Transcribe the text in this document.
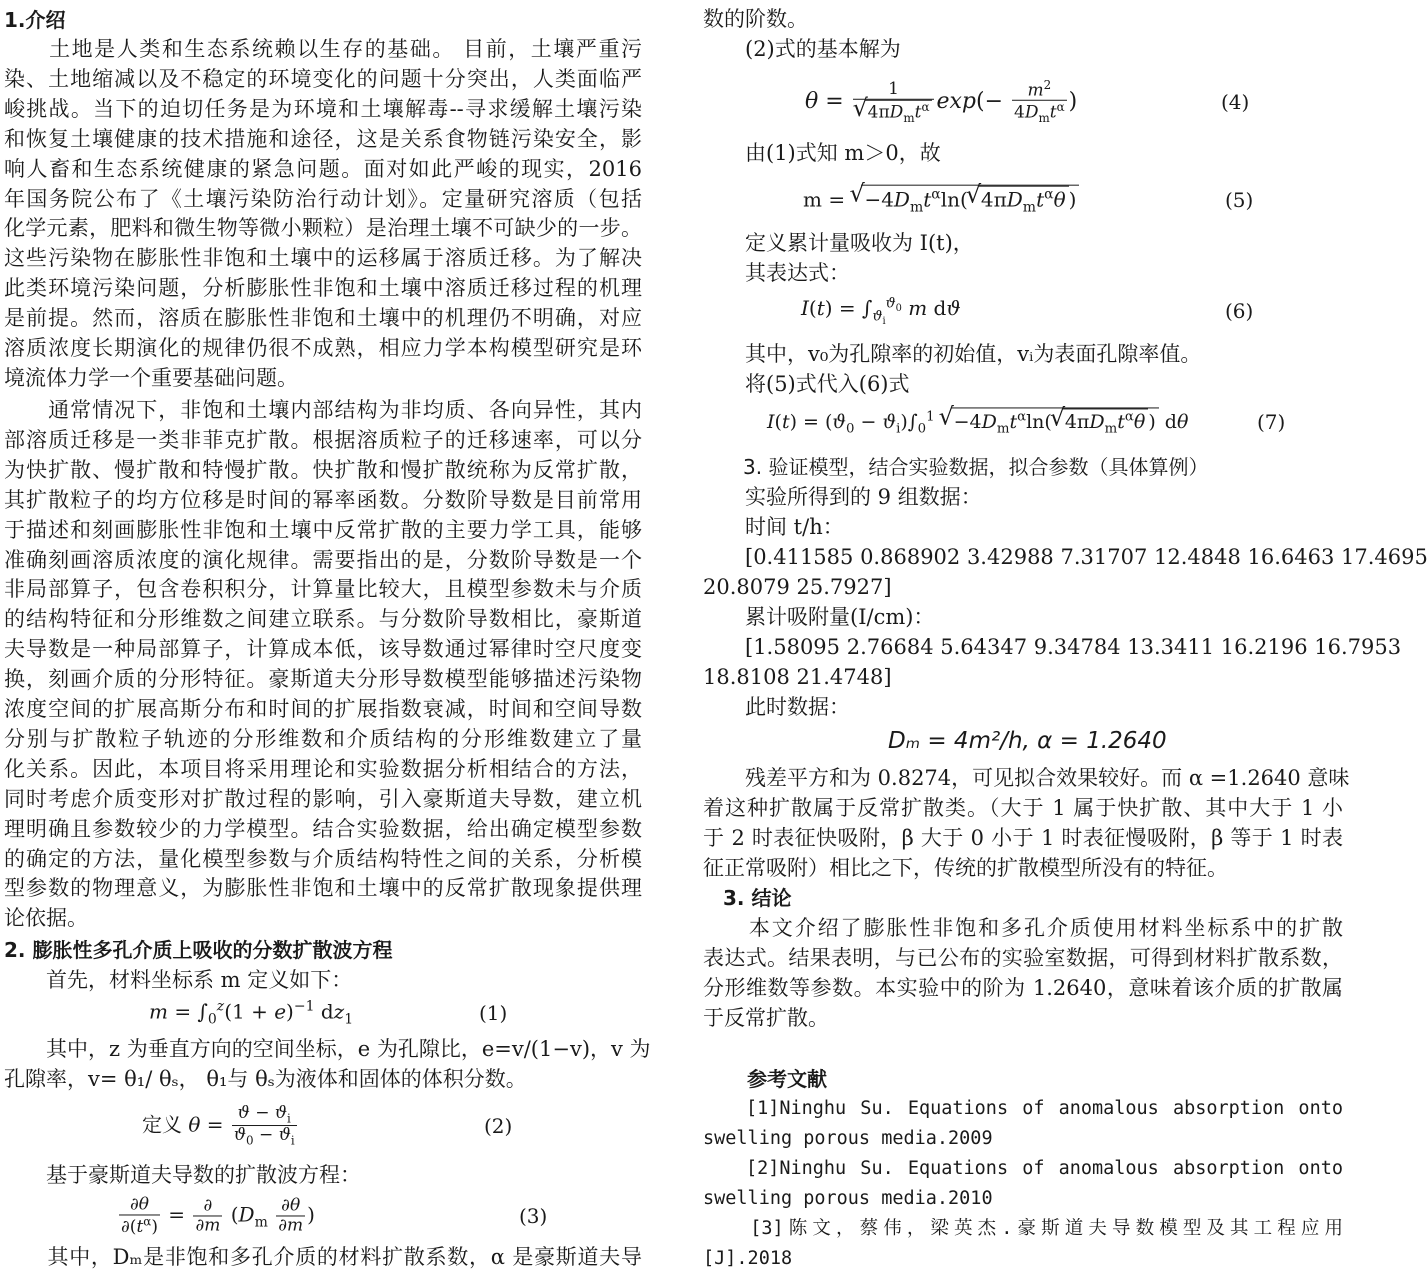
1.介绍
　　土地是人类和生态系统赖以生存的基础。 目前，土壤严重污
染、土地缩减以及不稳定的环境变化的问题十分突出，人类面临严
峻挑战。当下的迫切任务是为环境和土壤解毒--寻求缓解土壤污染
和恢复土壤健康的技术措施和途径，这是关系食物链污染安全，影
响人畜和生态系统健康的紧急问题。面对如此严峻的现实，2016
年国务院公布了《土壤污染防治行动计划》。定量研究溶质（包括
化学元素，肥料和微生物等微小颗粒）是治理土壤不可缺少的一步。
这些污染物在膨胀性非饱和土壤中的运移属于溶质迁移。为了解决
此类环境污染问题，分析膨胀性非饱和土壤中溶质迁移过程的机理
是前提。然而，溶质在膨胀性非饱和土壤中的机理仍不明确，对应
溶质浓度长期演化的规律仍很不成熟，相应力学本构模型研究是环
境流体力学一个重要基础问题。
　　通常情况下，非饱和土壤内部结构为非均质、各向异性，其内
部溶质迁移是一类非菲克扩散。根据溶质粒子的迁移速率，可以分
为快扩散、慢扩散和特慢扩散。快扩散和慢扩散统称为反常扩散，
其扩散粒子的均方位移是时间的幂率函数。分数阶导数是目前常用
于描述和刻画膨胀性非饱和土壤中反常扩散的主要力学工具，能够
准确刻画溶质浓度的演化规律。需要指出的是，分数阶导数是一个
非局部算子，包含卷积积分，计算量比较大，且模型参数未与介质
的结构特征和分形维数之间建立联系。与分数阶导数相比，豪斯道
夫导数是一种局部算子，计算成本低，该导数通过幂律时空尺度变
换，刻画介质的分形特征。豪斯道夫分形导数模型能够描述污染物
浓度空间的扩展高斯分布和时间的扩展指数衰减，时间和空间导数
分别与扩散粒子轨迹的分形维数和介质结构的分形维数建立了量
化关系。因此，本项目将采用理论和实验数据分析相结合的方法，
同时考虑介质变形对扩散过程的影响，引入豪斯道夫导数，建立机
理明确且参数较少的力学模型。结合实验数据，给出确定模型参数
的确定的方法，量化模型参数与介质结构特性之间的关系，分析模
型参数的物理意义，为膨胀性非饱和土壤中的反常扩散现象提供理
论依据。
2. 膨胀性多孔介质上吸收的分数扩散波方程
　　首先，材料坐标系 m 定义如下：
$m = \int_0^z(1 + e)^{-1}$ $dz_1$	(1)
　　其中，z 为垂直方向的空间坐标，e 为孔隙比，e=v/(1−v)，v 为
孔隙率，v= θ₁/ θₛ， θ₁与 θₛ为液体和固体的体积分数。
定义 $\theta = \frac{ϑ - ϑ_i}{ϑ_0 - ϑ_i}$	(2)
　　基于豪斯道夫导数的扩散波方程：
$\frac{\partial\theta}{\partial(t^\alpha)} = \frac{\partial}{\partial m} (D_m \frac{\partial\theta}{\partial m}$ )	(3)
　　其中，Dₘ是非饱和多孔介质的材料扩散系数，α 是豪斯道夫导
数的阶数。
　　(2)式的基本解为
θ = 1
√ $4\pi D_mt^\alpha$ $\exp(- \frac{m^2}{4D_mt^\alpha}$ )	(4)
　　由(1)式知 m＞0，故
m = √ $-4D_mt^\alpha\ln(√$ $4\pi D_mt^\alpha\theta$ )	(5)
　　定义累计量吸收为 I(t)，
　　其表达式：
$I(t) = \int_{ϑ_i}^{ϑ_0}$ m dϑ	(6)
　　其中，v₀为孔隙率的初始值，vᵢ为表面孔隙率值。
　　将(5)式代入(6)式
$I(t) = (ϑ_0 - ϑ_i)\int_0^1$ √ $-4D_mt^\alpha\ln(√$ $4\pi D_mt^\alpha\theta$ ) dθ	(7)
　　3. 验证模型，结合实验数据，拟合参数（具体算例）
　　实验所得到的 9 组数据：
　　时间 t/h：
　　[0.411585 0.868902 3.42988 7.31707 12.4848 16.6463 17.4695
20.8079 25.7927]
　　累计吸附量(I/cm)：
　　[1.58095 2.76684 5.64347 9.34784 13.3411 16.2196 16.7953
18.8108 21.4748]
　　此时数据：
Dₘ = 4m²/h, α = 1.2640
　　残差平方和为 0.8274，可见拟合效果较好。而 α =1.2640 意味
着这种扩散属于反常扩散类。（大于 1 属于快扩散、其中大于 1 小
于 2 时表征快吸附，β 大于 0 小于 1 时表征慢吸附，β 等于 1 时表
征正常吸附）相比之下，传统的扩散模型所没有的特征。
3. 结论
　　本文介绍了膨胀性非饱和多孔介质使用材料坐标系中的扩散
表达式。结果表明，与已公布的实验室数据，可得到材料扩散系数，
分形维数等参数。本实验中的阶为 1.2640，意味着该介质的扩散属
于反常扩散。
参考文献
　　[1]Ninghu Su. Equations of anomalous absorption onto
swelling porous media.2009
　　[2]Ninghu Su. Equations of anomalous absorption onto
swelling porous media.2010
　　[3]陈文，蔡伟，梁英杰.豪斯道夫导数模型及其工程应用
[J].2018
